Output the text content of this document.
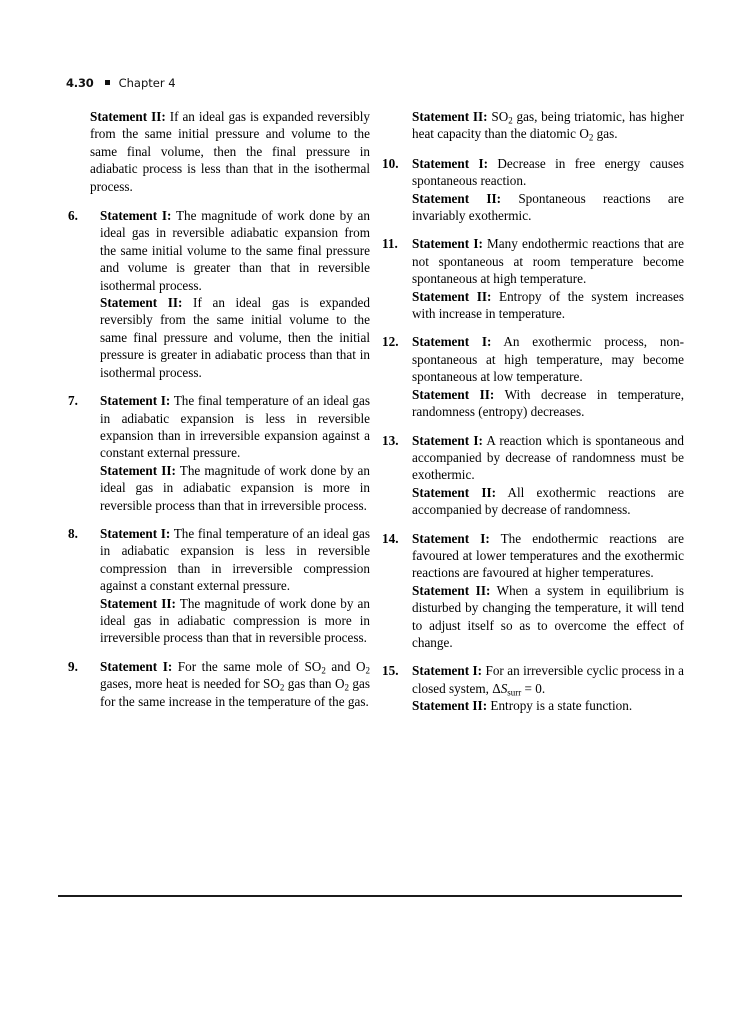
4.30 Chapter 4

Statement II: If an ideal gas is expanded reversibly from the same initial pressure and volume to the same final volume, then the final pressure in adiabatic process is less than that in the isothermal process.

6. Statement I: The magnitude of work done by an ideal gas in reversible adiabatic expansion from the same initial volume to the same final pressure and volume is greater than that in reversible isothermal process.

Statement II: If an ideal gas is expanded reversibly from the same initial volume to the same final pressure and volume, then the initial pressure is greater in adiabatic process than that in isothermal process.

7. Statement I: The final temperature of an ideal gas in adiabatic expansion is less in reversible expansion than in irreversible expansion against a constant external pressure.

Statement II: The magnitude of work done by an ideal gas in adiabatic expansion is more in reversible process than that in irreversible process.

8. Statement I: The final temperature of an ideal gas in adiabatic expansion is less in reversible compression than in irreversible compression against a constant external pressure.

Statement II: The magnitude of work done by an ideal gas in adiabatic compression is more in irreversible process than that in reversible process.

9. Statement I: For the same mole of $SO_2$ and $O_2$ gases, more heat is needed for $SO_2$ gas than $O_2$ gas for the same increase in the temperature of the gas.

Statement II: $SO_2$ gas, being triatomic, has higher heat capacity than the diatomic $O_2$ gas.

10. Statement I: Decrease in free energy causes spontaneous reaction.

Statement II: Spontaneous reactions are invariably exothermic.

11. Statement I: Many endothermic reactions that are not spontaneous at room temperature become spontaneous at high temperature.

Statement II: Entropy of the system increases with increase in temperature.

12. Statement I: An exothermic process, non-spontaneous at high temperature, may become spontaneous at low temperature.

Statement II: With decrease in temperature, randomness (entropy) decreases.

13. Statement I: A reaction which is spontaneous and accompanied by decrease of randomness must be exothermic.

Statement II: All exothermic reactions are accompanied by decrease of randomness.

14. Statement I: The endothermic reactions are favoured at lower temperatures and the exothermic reactions are favoured at higher temperatures.

Statement II: When a system in equilibrium is disturbed by changing the temperature, it will tend to adjust itself so as to overcome the effect of change.

15. Statement I: For an irreversible cyclic process in a closed system, $\Delta S_{surr} = 0$.

Statement II: Entropy is a state function.
